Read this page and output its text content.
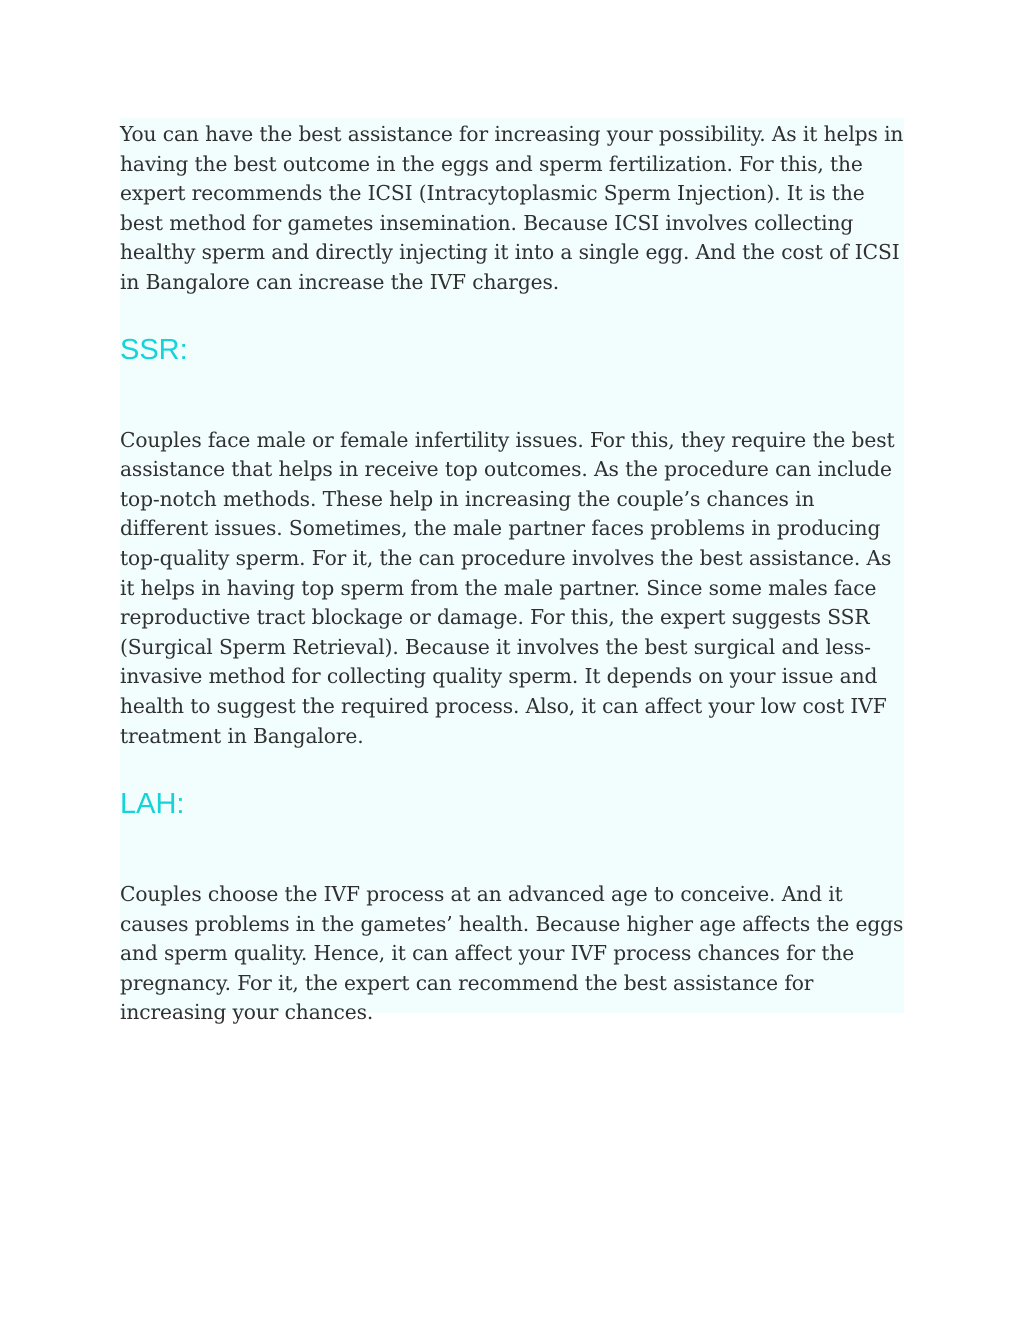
You can have the best assistance for increasing your possibility. As it helps in having the best outcome in the eggs and sperm fertilization. For this, the expert recommends the ICSI (Intracytoplasmic Sperm Injection). It is the best method for gametes insemination. Because ICSI involves collecting healthy sperm and directly injecting it into a single egg. And the cost of ICSI in Bangalore can increase the IVF charges.

SSR:

Couples face male or female infertility issues. For this, they require the best assistance that helps in receive top outcomes. As the procedure can include top-notch methods. These help in increasing the couple’s chances in different issues. Sometimes, the male partner faces problems in producing top-quality sperm. For it, the can procedure involves the best assistance. As it helps in having top sperm from the male partner. Since some males face reproductive tract blockage or damage. For this, the expert suggests SSR (Surgical Sperm Retrieval). Because it involves the best surgical and less-invasive method for collecting quality sperm. It depends on your issue and health to suggest the required process. Also, it can affect your low cost IVF treatment in Bangalore.

LAH:

Couples choose the IVF process at an advanced age to conceive. And it causes problems in the gametes’ health. Because higher age affects the eggs and sperm quality. Hence, it can affect your IVF process chances for the pregnancy. For it, the expert can recommend the best assistance for increasing your chances.
